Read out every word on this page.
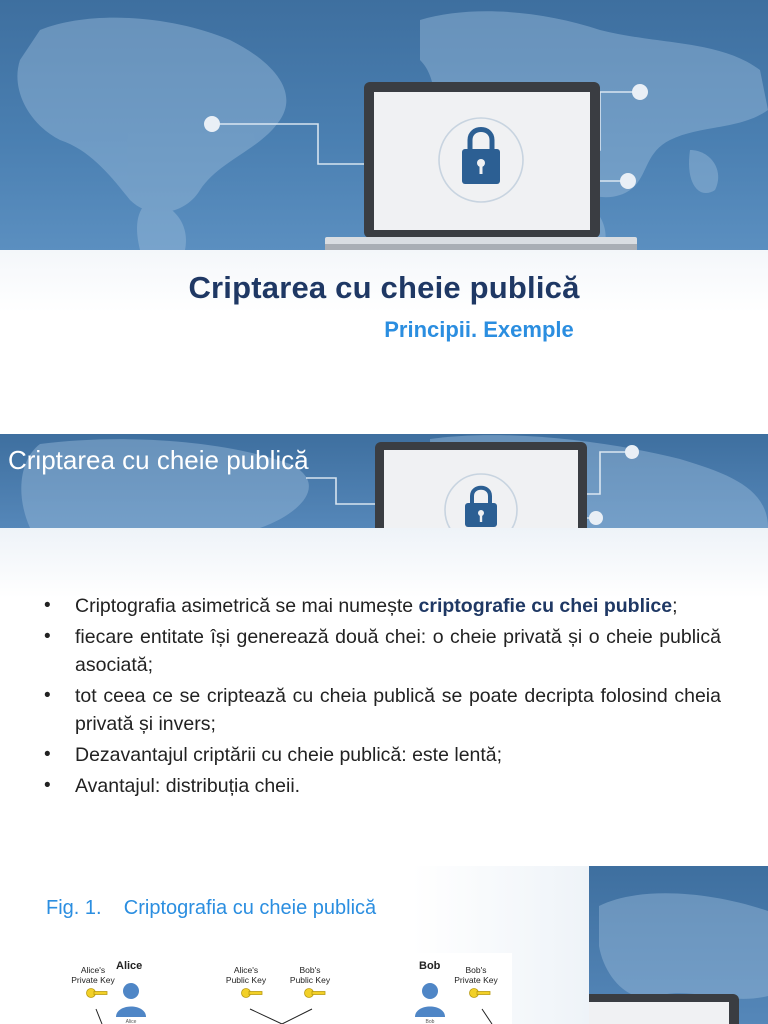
Criptarea cu cheie publică
Principii. Exemple
Criptarea cu cheie publică
• Criptografia asimetrică se mai numește criptografie cu chei publice;
• fiecare entitate își generează două chei: o cheie privată și o cheie publică asociată;
• tot ceea ce se criptează cu cheia publică se poate decripta folosind cheia privată și invers;
• Dezavantajul criptării cu cheie publică: este lentă;
• Avantajul: distribuția cheii.
Fig. 1.    Criptografia cu cheie publică
Alice	Bob
Alice	Bob
Alice's Private Key
Alice's Public Key
Bob's Public Key
Bob's Private Key
